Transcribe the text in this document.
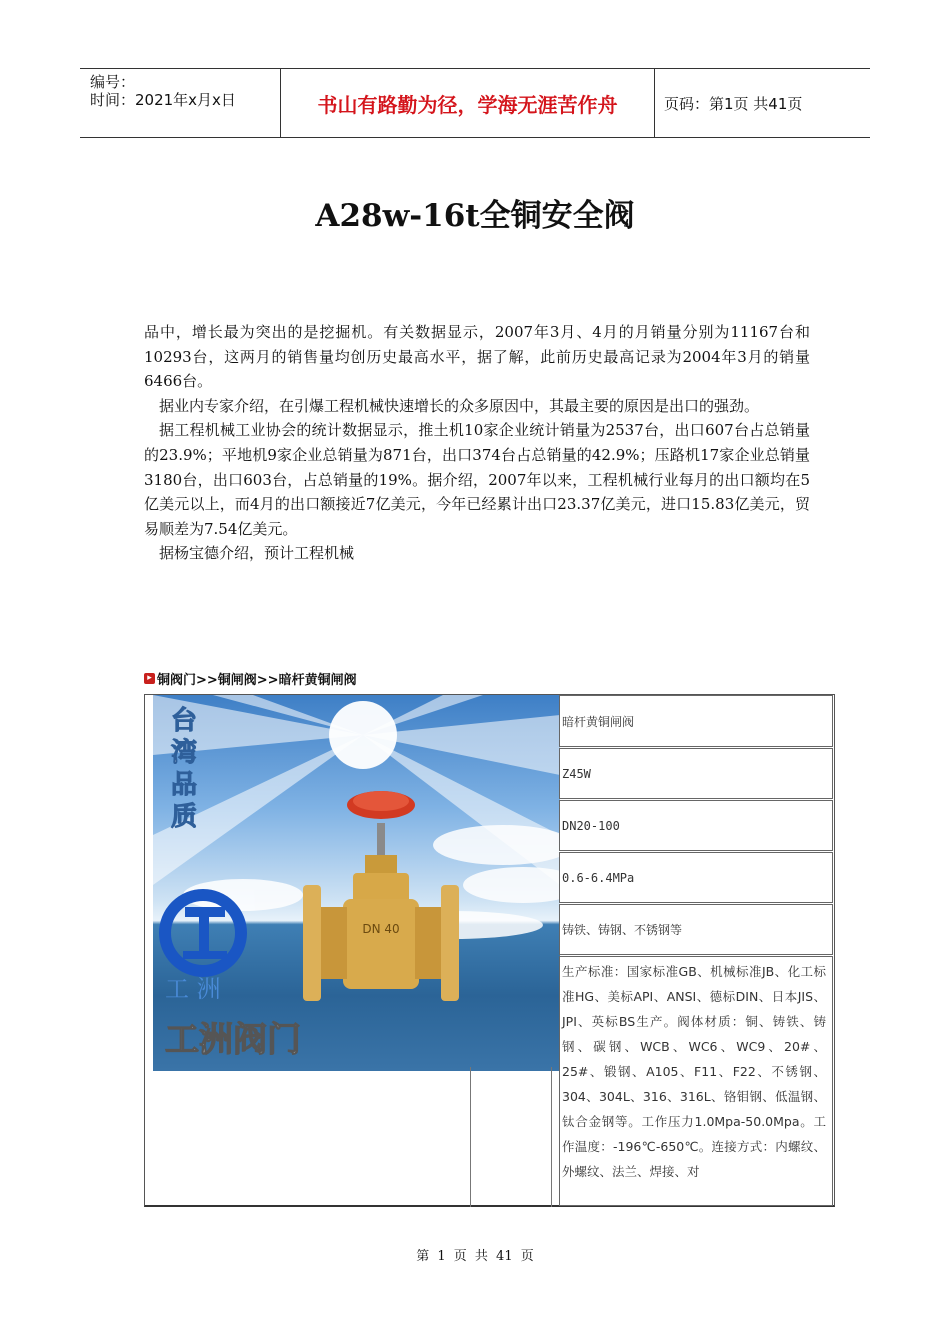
编号：
时间：2021年x月x日	书山有路勤为径，学海无涯苦作舟	页码：第1页 共41页
A28w-16t全铜安全阀

品中，增长最为突出的是挖掘机。有关数据显示，2007年3月、4月的月销量分别为11167台和10293台，这两月的销售量均创历史最高水平，据了解，此前历史最高记录为2004年3月的销量6466台。

据业内专家介绍，在引爆工程机械快速增长的众多原因中，其最主要的原因是出口的强劲。

据工程机械工业协会的统计数据显示，推土机10家企业统计销量为2537台，出口607台占总销量的23.9%；平地机9家企业总销量为871台，出口374台占总销量的42.9%；压路机17家企业总销量3180台，出口603台，占总销量的19%。据介绍，2007年以来，工程机械行业每月的出口额均在5亿美元以上，而4月的出口额接近7亿美元，今年已经累计出口23.37亿美元，进口15.83亿美元，贸易顺差为7.54亿美元。

据杨宝德介绍，预计工程机械

▸ 铜阀门>>铜闸阀>>暗杆黄铜闸阀
DN 40
工 洲
台 湾 品 质
工洲阀门
暗杆黄铜闸阀
Z45W
DN20-100
0.6-6.4MPa
铸铁、铸钢、不锈钢等
生产标准：国家标准GB、机械标准JB、化工标准HG、美标API、ANSI、德标DIN、日本JIS、JPI、英标BS生产。阀体材质：铜、铸铁、铸钢、碳钢、WCB、WC6、WC9、20#、25#、锻钢、A105、F11、F22、不锈钢、304、304L、316、316L、铬钼钢、低温钢、钛合金钢等。工作压力1.0Mpa-50.0Mpa。工作温度：-196℃-650℃。连接方式：内螺纹、外螺纹、法兰、焊接、对
第 1 页 共 41 页
